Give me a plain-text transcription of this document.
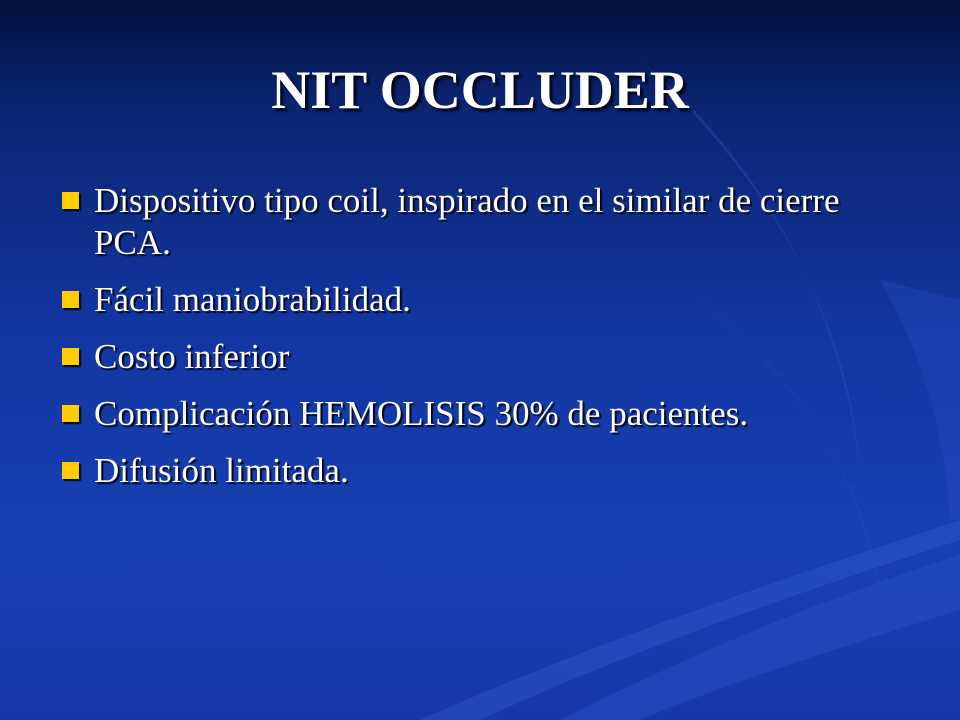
NIT OCCLUDER
Dispositivo tipo coil, inspirado en el similar de cierre PCA.
Fácil maniobrabilidad.
Costo inferior
Complicación HEMOLISIS 30% de pacientes.
Difusión limitada.
